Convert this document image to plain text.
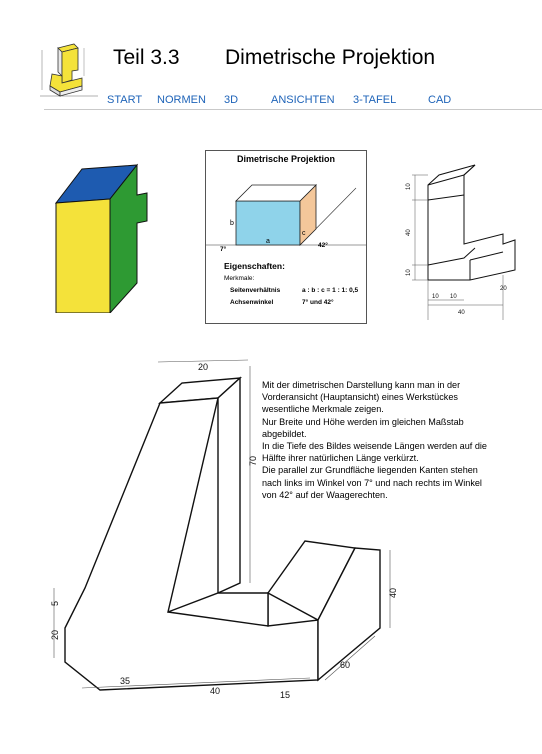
Teil 3.3 Dimetrische Projektion
START NORMEN 3D	ANSICHTEN 3-TAFEL	CAD
Dimetrische Projektion
a
b
c
7°
42°
Eigenschaften:
Merkmale:
Seitenverhältnis	a : b : c = 1 : 1: 0,5
Achsenwinkel	7° und 42°
10
40
10
10 10
20
40
20
70
5
20
40
60
35
40	15
Mit der dimetrischen Darstellung kann man in der
Vorderansicht (Hauptansicht) eines Werkstückes
wesentliche Merkmale zeigen.
Nur Breite und Höhe werden im gleichen Maßstab
abgebildet.
In die Tiefe des Bildes weisende Längen werden auf die
Hälfte ihrer natürlichen Länge verkürzt.
Die parallel zur Grundfläche liegenden Kanten stehen
nach links im Winkel von 7° und nach rechts im Winkel
von 42° auf der Waagerechten.
